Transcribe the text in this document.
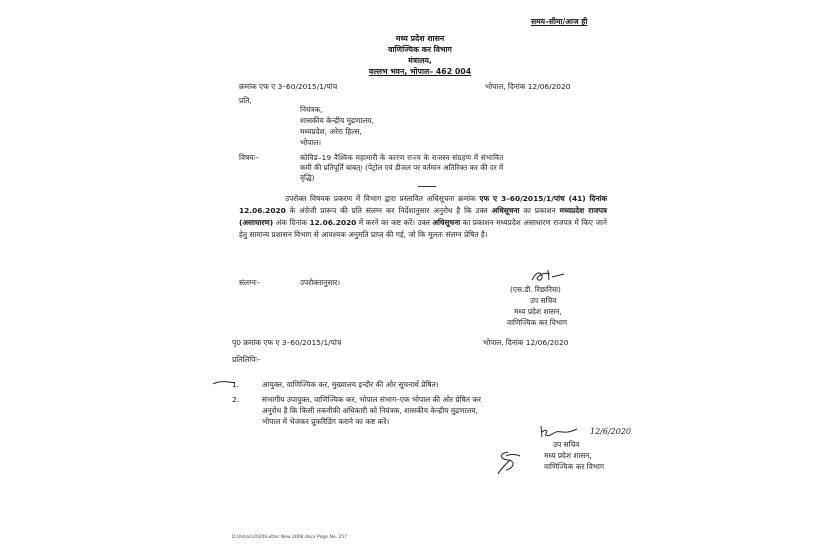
समय–सीमा/आज ही
मध्य प्रदेश शासन
वाणिज्यिक कर विभाग
मंत्रालय,
वल्लभ भवन, भोपाल– 462 004
क्रमांक एफ ए 3–60/2015/1/पांच	भोपाल, दिनांक 12/06/2020
प्रति,
नियंत्रक,
शासकीय केन्द्रीय मुद्रणालय,
मध्यप्रदेश, अरेरा हिल्स,
भोपाल।
विषयः–	कोविड–19 वैश्विक महामारी के कारण राज्य के राजस्व संग्रहण में संभावित
कमी की प्रतिपूर्ति बाबत्। (पेट्रोल एवं डीजल पर वर्तमान अतिरिक्त कर की दर में
वृद्धि)
उपरोक्त विषयक प्रकरण में विभाग द्वारा प्रस्तावित अधिसूचना क्रमांक एफ ए 3–60/2015/1/पांच (41) दिनांक 12.06.2020 के अंग्रेजी प्रारूप की प्रति संलग्न कर निर्देशानुसार अनुरोध है कि उक्त अधिसूचना का प्रकाशन मध्यप्रदेश राजपत्र (असाधारण) अंक दिनांक 12.06.2020 में करने का कष्ट करें। उक्त अधिसूचना का प्रकाशन मध्यप्रदेश असाधारण राजपत्र में किए जाने हेतु सामान्य प्रशासन विभाग से आवश्यक अनुमति प्राप्त की गई, जो कि मूलतः संलग्न प्रेषित है।
संलग्नः–	उपरोक्तानुसार।
(एस.डी. रिछारिया)
उप सचिव
मध्य प्रदेश शासन,
वाणिज्यिक कर विभाग
पृ0 क्रमांक एफ ए 3–60/2015/1/पांच	भोपाल, दिनांक 12/06/2020
प्रतिलिपिः–
1.	आयुक्त, वाणिज्यिक कर, मुख्यालय इन्दौर की ओर सूचनार्थ प्रेषित।
2.	संभागीय उपायुक्त, वाणिज्यिक कर, भोपाल संभाग–एक भोपाल की ओर प्रेषित कर
अनुरोध है कि किसी तकनीकी अधिकारी को नियंत्रक, शासकीय केन्द्रीय मुद्रणालय,
भोपाल में भेजकर प्रूफरिडिंग कराने का कष्ट करें।
12/6/2020
उप सचिव
मध्य प्रदेश शासन,
वाणिज्यिक कर विभाग
D:\Aman\2020\Letter New 2008.docx Page No. 257
